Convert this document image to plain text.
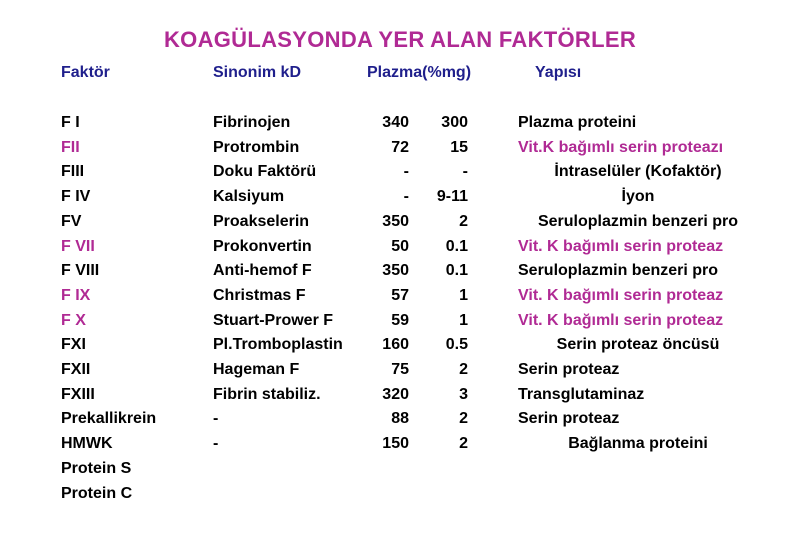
KOAGÜLASYONDA YER ALAN FAKTÖRLER
Faktör	Sinonim kD	Plazma(%mg)	Yapısı
F I	Fibrinojen	340 300	Plazma proteini
FII	Protrombin	72	15	Vit.K bağımlı serin proteazı
FIII	Doku Faktörü	-	-	İntraselüler (Kofaktör)
F IV	Kalsiyum	- 9-11	İyon
FV	Proakselerin	350	2	Seruloplazmin benzeri pro
F VII	Prokonvertin	50 0.1	Vit. K bağımlı serin proteaz
F VIII	Anti-hemof F	350 0.1	Seruloplazmin benzeri pro
F IX	Christmas F	57	1	Vit. K bağımlı serin proteaz
F X	Stuart-Prower F	59	1	Vit. K bağımlı serin proteaz
FXI	Pl.Tromboplastin 160 0.5	Serin proteaz öncüsü
FXII	Hageman F	75	2	Serin proteaz
FXIII	Fibrin stabiliz.	320	3	Transglutaminaz
Prekallikrein	-	88	2	Serin proteaz
HMWK	-	150	2	Bağlanma proteini
Protein S
Protein C
